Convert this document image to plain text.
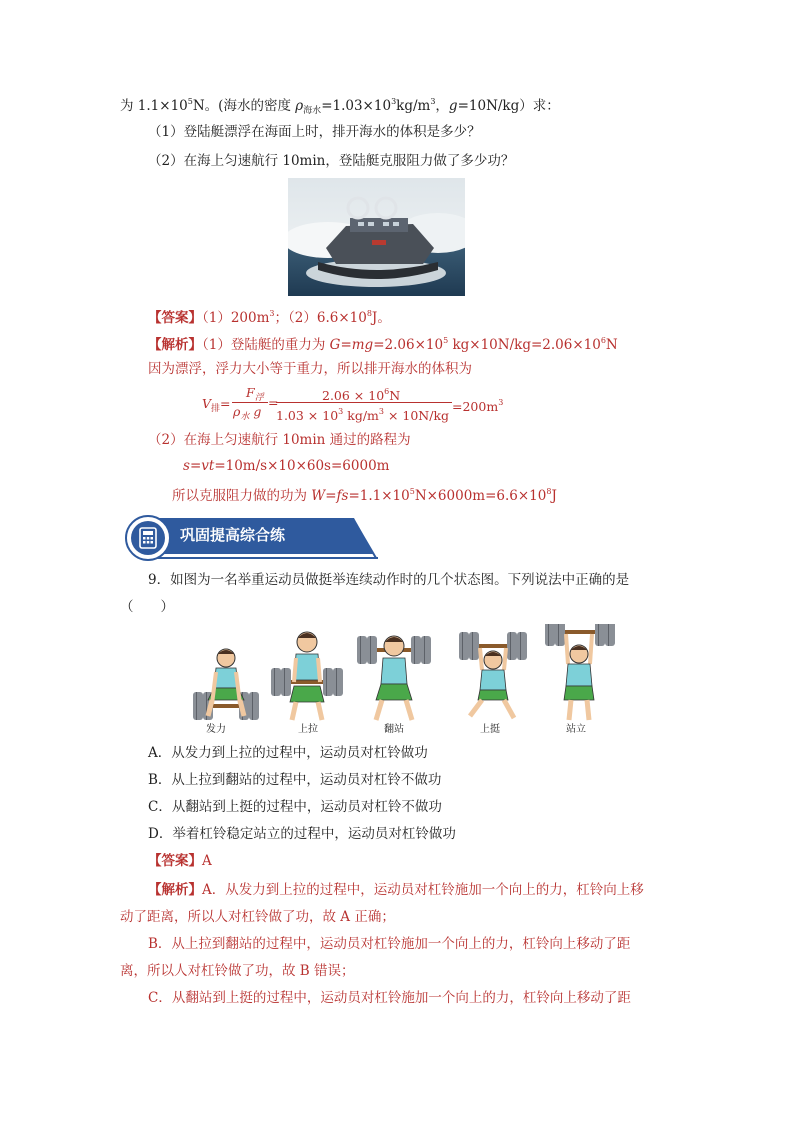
为 $1.1\times 10^5N$。(海水的密度 $\rho_{海水}=1.03\times 10^3kg/m^3$，g=10N/kg）求：
（1）登陆艇漂浮在海面上时，排开海水的体积是多少？
（2）在海上匀速航行 10min，登陆艇克服阻力做了多少功？
【答案】$(1)200m^3$；$(2)6.6\times 10^8J$。
【解析】（1）登陆艇的重力为 $G=mg=2.06\times 10^5$ $kg\times 10N/kg=2.06\times 10^6N$
因为漂浮，浮力大小等于重力，所以排开海水的体积为
$V_排=$
$F_浮$
$\rho_水$ g
=	$2.06 \times 10^6N$
$1.03 \times 10^3$ $kg/m^3 \times 10N/kg$
$=200m^3$
（2）在海上匀速航行 10min 通过的路程为
s=vt=10m/s×10×60s=6000m
所以克服阻力做的功为 $W=fs=1.1\times 10^5N\times 6000m=6.6\times 10^8J$
巩固提高综合练
9．如图为一名举重运动员做挺举连续动作时的几个状态图。下列说法中正确的是
（　　）
发力	上拉	翻站	上挺	站立
A．从发力到上拉的过程中，运动员对杠铃做功
B．从上拉到翻站的过程中，运动员对杠铃不做功
C．从翻站到上挺的过程中，运动员对杠铃不做功
D．举着杠铃稳定站立的过程中，运动员对杠铃做功
【答案】A
【解析】A．从发力到上拉的过程中，运动员对杠铃施加一个向上的力，杠铃向上移
动了距离，所以人对杠铃做了功，故 A 正确；
B．从上拉到翻站的过程中，运动员对杠铃施加一个向上的力，杠铃向上移动了距
离，所以人对杠铃做了功，故 B 错误；
C．从翻站到上挺的过程中，运动员对杠铃施加一个向上的力，杠铃向上移动了距
